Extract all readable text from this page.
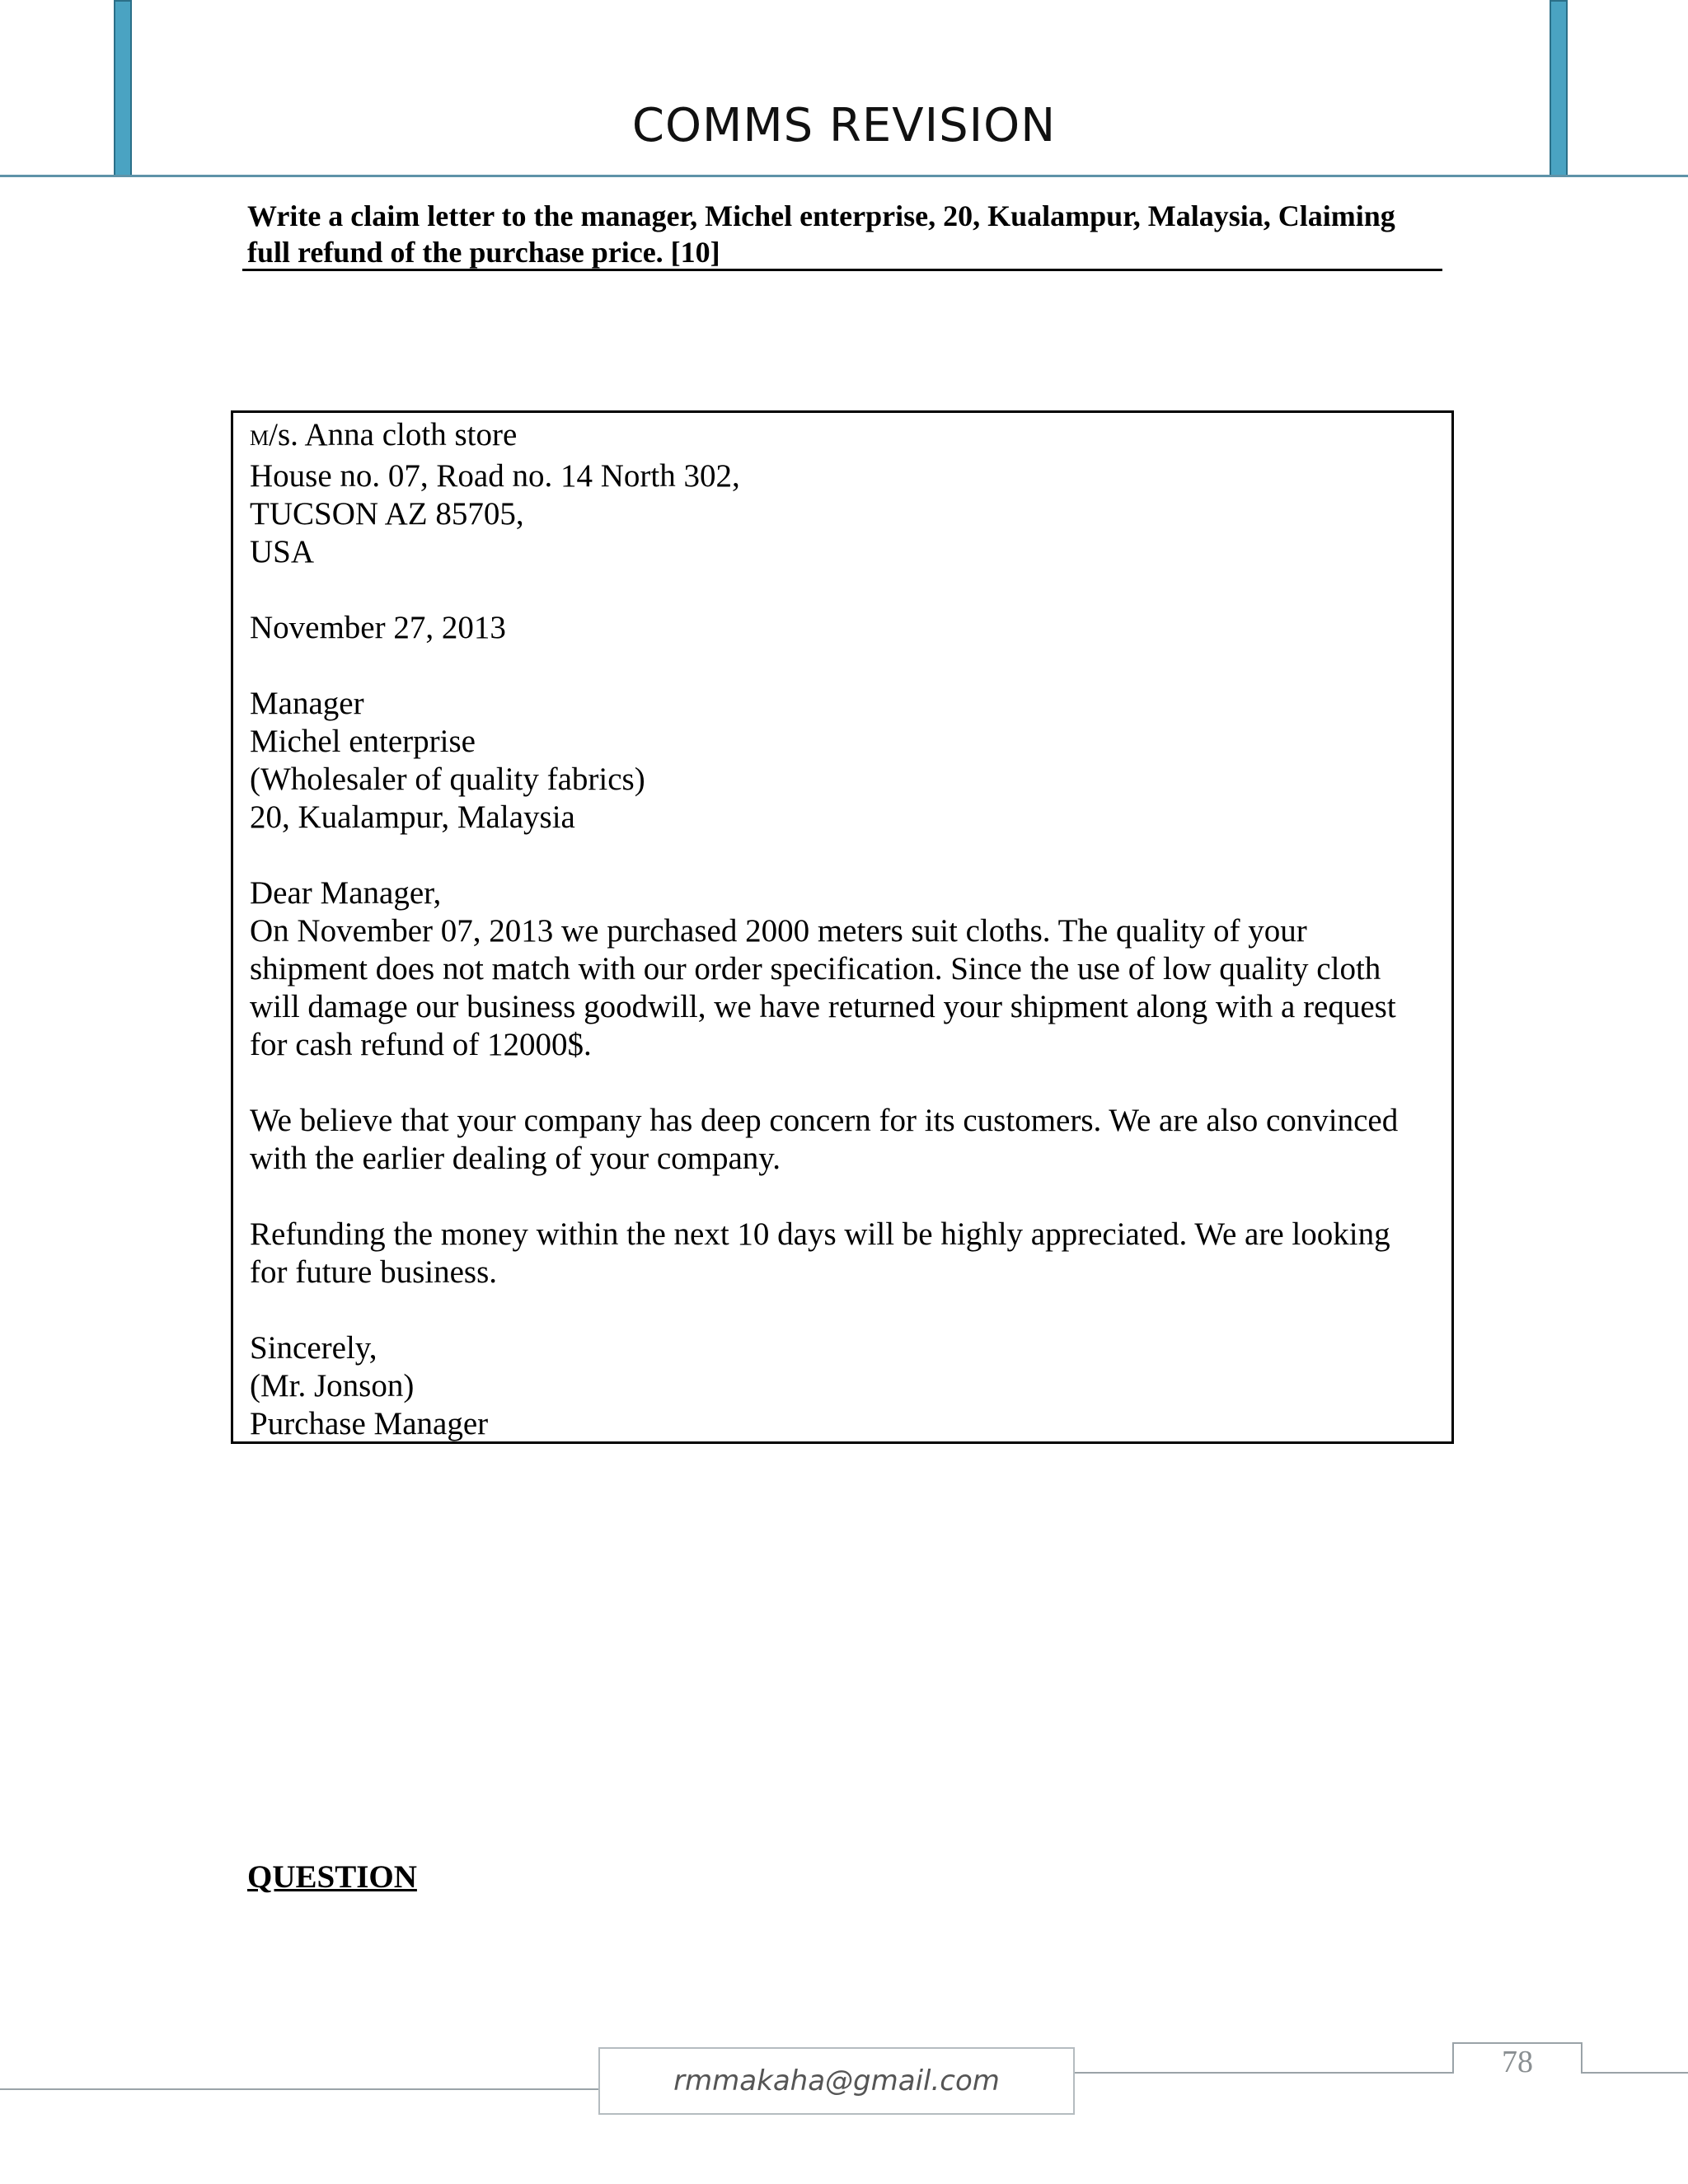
COMMS REVISION

Write a claim letter to the manager, Michel enterprise, 20, Kualampur, Malaysia, Claiming full refund of the purchase price. [10]

M/s. Anna cloth store
House no. 07, Road no. 14 North 302,
TUCSON AZ 85705,
USA
November 27, 2013
Manager
Michel enterprise
(Wholesaler of quality fabrics)
20, Kualampur, Malaysia
Dear Manager,
On November 07, 2013 we purchased 2000 meters suit cloths. The quality of your
shipment does not match with our order specification. Since the use of low quality cloth
will damage our business goodwill, we have returned your shipment along with a request
for cash refund of 12000$.
We believe that your company has deep concern for its customers. We are also convinced
with the earlier dealing of your company.
Refunding the money within the next 10 days will be highly appreciated. We are looking
for future business.
Sincerely,
(Mr. Jonson)
Purchase Manager
QUESTION
rmmakaha@gmail.com
78
